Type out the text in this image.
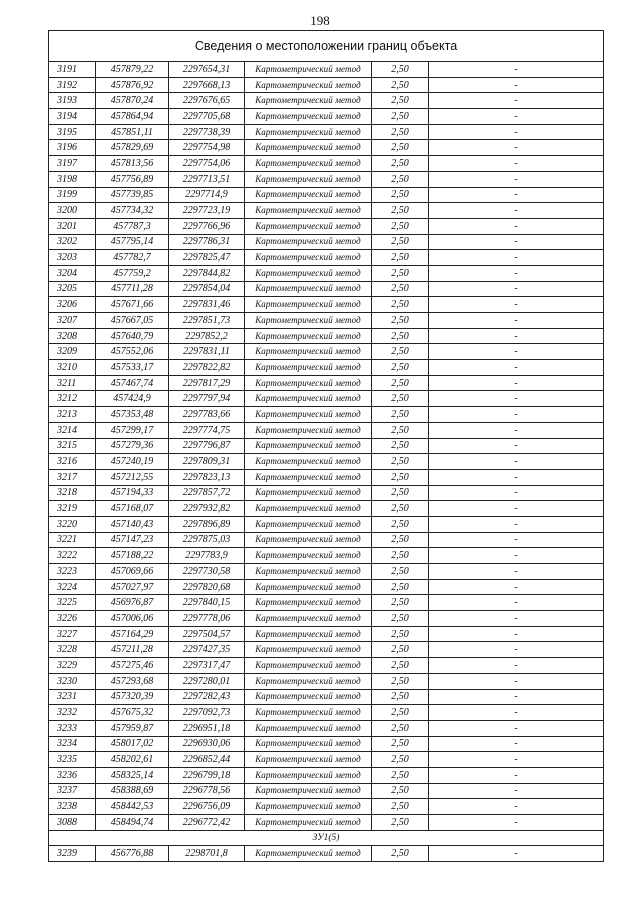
198
Сведения о местоположении границ объекта					
3191	457879,22	2297654,31	Картометрический метод	2,50	-
3192	457876,92	2297668,13	Картометрический метод	2,50	-
3193	457870,24	2297676,65	Картометрический метод	2,50	-
3194	457864,94	2297705,68	Картометрический метод	2,50	-
3195	457851,11	2297738,39	Картометрический метод	2,50	-
3196	457829,69	2297754,98	Картометрический метод	2,50	-
3197	457813,56	2297754,06	Картометрический метод	2,50	-
3198	457756,89	2297713,51	Картометрический метод	2,50	-
3199	457739,85	2297714,9	Картометрический метод	2,50	-
3200	457734,32	2297723,19	Картометрический метод	2,50	-
3201	457787,3	2297766,96	Картометрический метод	2,50	-
3202	457795,14	2297786,31	Картометрический метод	2,50	-
3203	457782,7	2297825,47	Картометрический метод	2,50	-
3204	457759,2	2297844,82	Картометрический метод	2,50	-
3205	457711,28	2297854,04	Картометрический метод	2,50	-
3206	457671,66	2297831,46	Картометрический метод	2,50	-
3207	457667,05	2297851,73	Картометрический метод	2,50	-
3208	457640,79	2297852,2	Картометрический метод	2,50	-
3209	457552,06	2297831,11	Картометрический метод	2,50	-
3210	457533,17	2297822,82	Картометрический метод	2,50	-
3211	457467,74	2297817,29	Картометрический метод	2,50	-
3212	457424,9	2297797,94	Картометрический метод	2,50	-
3213	457353,48	2297783,66	Картометрический метод	2,50	-
3214	457299,17	2297774,75	Картометрический метод	2,50	-
3215	457279,36	2297796,87	Картометрический метод	2,50	-
3216	457240,19	2297809,31	Картометрический метод	2,50	-
3217	457212,55	2297823,13	Картометрический метод	2,50	-
3218	457194,33	2297857,72	Картометрический метод	2,50	-
3219	457168,07	2297932,82	Картометрический метод	2,50	-
3220	457140,43	2297896,89	Картометрический метод	2,50	-
3221	457147,23	2297875,03	Картометрический метод	2,50	-
3222	457188,22	2297783,9	Картометрический метод	2,50	-
3223	457069,66	2297730,58	Картометрический метод	2,50	-
3224	457027,97	2297820,68	Картометрический метод	2,50	-
3225	456976,87	2297840,15	Картометрический метод	2,50	-
3226	457006,06	2297778,06	Картометрический метод	2,50	-
3227	457164,29	2297504,57	Картометрический метод	2,50	-
3228	457211,28	2297427,35	Картометрический метод	2,50	-
3229	457275,46	2297317,47	Картометрический метод	2,50	-
3230	457293,68	2297280,01	Картометрический метод	2,50	-
3231	457320,39	2297282,43	Картометрический метод	2,50	-
3232	457675,32	2297092,73	Картометрический метод	2,50	-
3233	457959,87	2296951,18	Картометрический метод	2,50	-
3234	458017,02	2296930,06	Картометрический метод	2,50	-
3235	458202,61	2296852,44	Картометрический метод	2,50	-
3236	458325,14	2296799,18	Картометрический метод	2,50	-
3237	458388,69	2296778,56	Картометрический метод	2,50	-
3238	458442,53	2296756,09	Картометрический метод	2,50	-
3088	458494,74	2296772,42	Картометрический метод	2,50	-
ЗУ1(5)					
3239	456776,88	2298701,8	Картометрический метод	2,50	-
